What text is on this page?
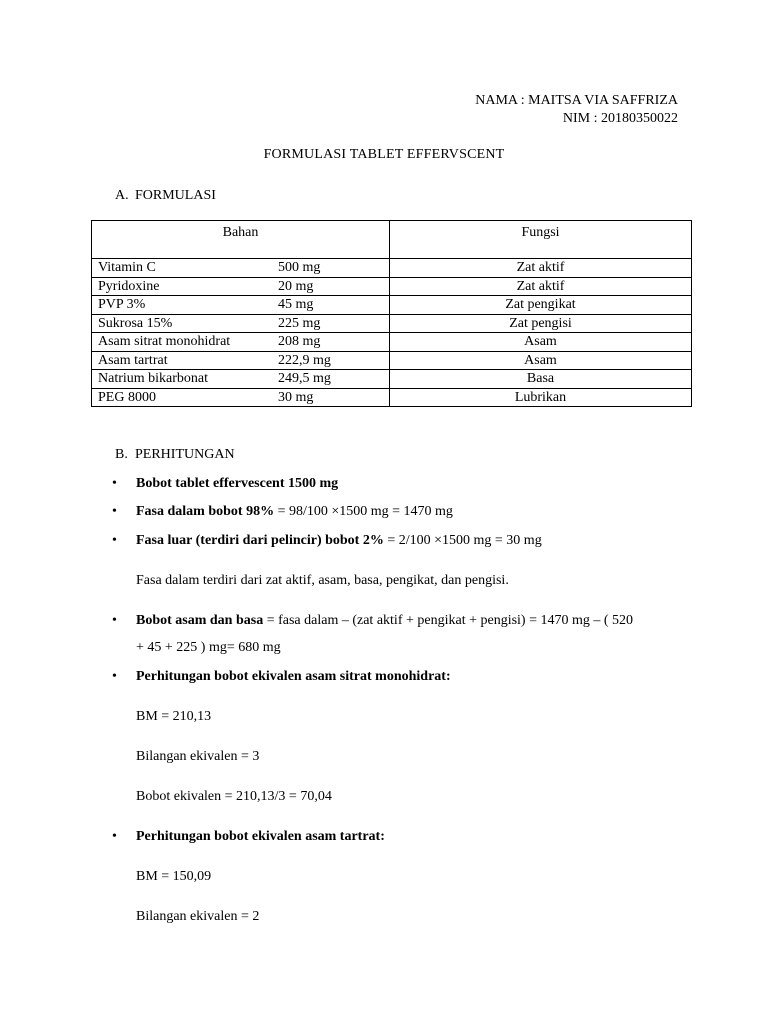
NAMA : MAITSA VIA SAFFRIZA
NIM : 20180350022
FORMULASI TABLET EFFERVSCENT
A. FORMULASI
Bahan		Fungsi
Vitamin C	500 mg	Zat aktif
Pyridoxine	20 mg	Zat aktif
PVP 3%	45 mg	Zat pengikat
Sukrosa 15%	225 mg	Zat pengisi
Asam sitrat monohidrat	208 mg	Asam
Asam tartrat	222,9 mg	Asam
Natrium bikarbonat	249,5 mg	Basa
PEG 8000	30 mg	Lubrikan
B. PERHITUNGAN
• Bobot tablet effervescent 1500 mg
• Fasa dalam bobot 98% = 98/100 ×1500 mg = 1470 mg
• Fasa luar (terdiri dari pelincir) bobot 2% = 2/100 ×1500 mg = 30 mg
Fasa dalam terdiri dari zat aktif, asam, basa, pengikat, dan pengisi.
• Bobot asam dan basa = fasa dalam – (zat aktif + pengikat + pengisi) = 1470 mg – ( 520
+ 45 + 225 ) mg= 680 mg
• Perhitungan bobot ekivalen asam sitrat monohidrat:
BM = 210,13
Bilangan ekivalen = 3
Bobot ekivalen = 210,13/3 = 70,04
• Perhitungan bobot ekivalen asam tartrat:
BM = 150,09
Bilangan ekivalen = 2
